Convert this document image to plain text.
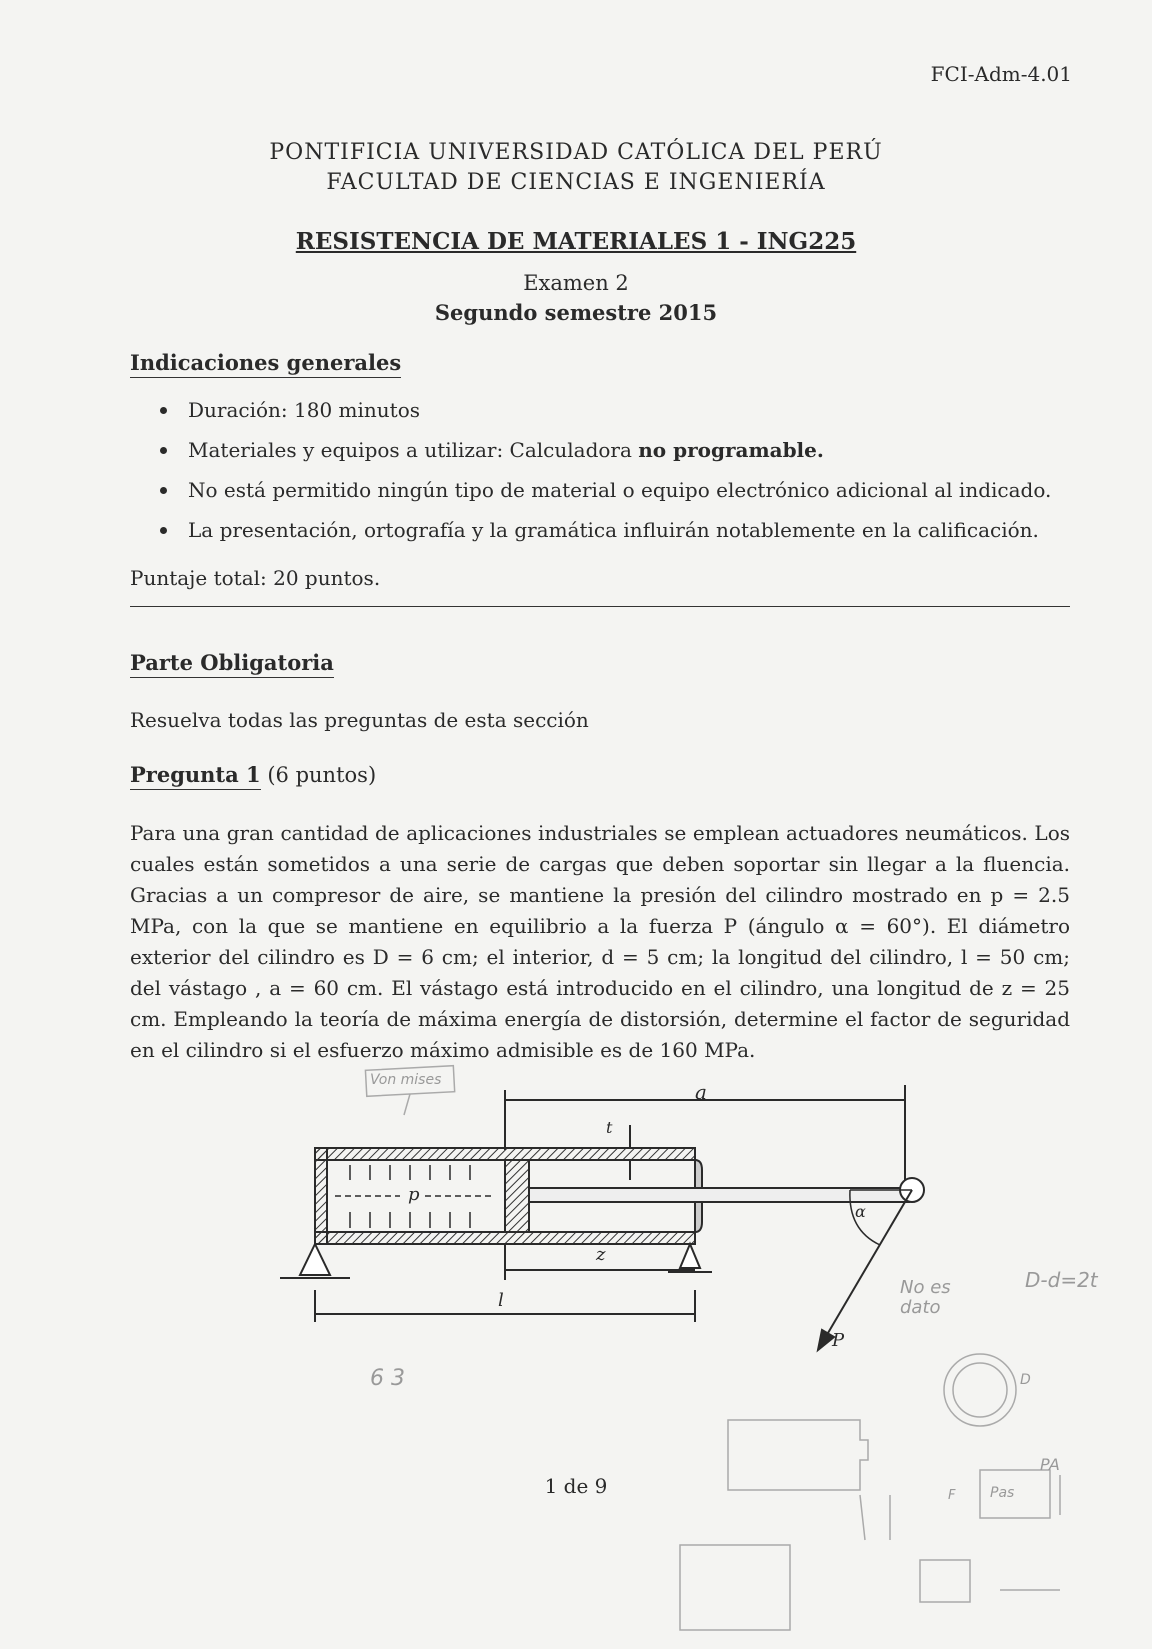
FCI-Adm-4.01
PONTIFICIA UNIVERSIDAD CATÓLICA DEL PERÚ
FACULTAD DE CIENCIAS E INGENIERÍA
RESISTENCIA DE MATERIALES 1 - ING225
Examen 2
Segundo semestre 2015
Indicaciones generales
Duración: 180 minutos
Materiales y equipos a utilizar: Calculadora no programable.
No está permitido ningún tipo de material o equipo electrónico adicional al indicado.
La presentación, ortografía y la gramática influirán notablemente en la calificación.
Puntaje total: 20 puntos.
Parte Obligatoria
Resuelva todas las preguntas de esta sección
Pregunta 1 (6 puntos)
Para una gran cantidad de aplicaciones industriales se emplean actuadores neumáticos. Los cuales están sometidos a una serie de cargas que deben soportar sin llegar a la fluencia. Gracias a un compresor de aire, se mantiene la presión del cilindro mostrado en p = 2.5 MPa, con la que se mantiene en equilibrio a la fuerza P (ángulo α = 60°). El diámetro exterior del cilindro es D = 6 cm; el interior, d = 5 cm; la longitud del cilindro, l = 50 cm; del vástago , a = 60 cm. El vástago está introducido en el cilindro, una longitud de z = 25 cm. Empleando la teoría de máxima energía de distorsión, determine el factor de seguridad en el cilindro si el esfuerzo máximo admisible es de 160 MPa.
a
t
p
z
l
α
P
Von mises
No es dato
D-d=2t
6 3	D
PA
F Pas
1 de 9
